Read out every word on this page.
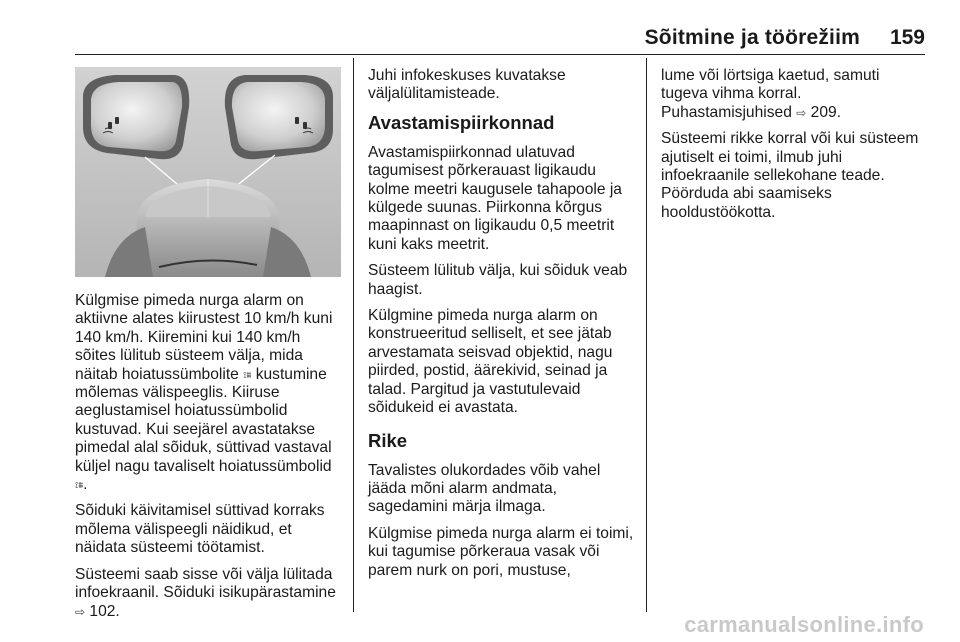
Sõitmine ja töörežiim 159

Külgmise pimeda nurga alarm on aktiivne alates kiirustest 10 km/h kuni 140 km/h. Kiiremini kui 140 km/h sõites lülitub süsteem välja, mida näitab hoiatussümbolite ⟟⩩ kustumine mõlemas välispeeglis. Kiiruse aeglustamisel hoiatussümbolid kustuvad. Kui seejärel avastatakse pimedal alal sõiduk, süttivad vastaval küljel nagu tavaliselt hoiatussümbolid
⟟⩩.

Sõiduki käivitamisel süttivad korraks mõlema välispeegli näidikud, et näidata süsteemi töötamist.

Süsteemi saab sisse või välja lülitada infoekraanil. Sõiduki isikupärastamine ⇨ 102.

Juhi infokeskuses kuvatakse väljalülitamisteade.

Avastamispiirkonnad

Avastamispiirkonnad ulatuvad tagumisest põrkerauast ligikaudu kolme meetri kaugusele tahapoole ja külgede suunas. Piirkonna kõrgus maapinnast on ligikaudu 0,5 meetrit kuni kaks meetrit.

Süsteem lülitub välja, kui sõiduk veab haagist.

Külgmine pimeda nurga alarm on konstrueeritud selliselt, et see jätab arvestamata seisvad objektid, nagu piirded, postid, äärekivid, seinad ja talad. Pargitud ja vastutulevaid sõidukeid ei avastata.

Rike

Tavalistes olukordades võib vahel jääda mõni alarm andmata, sagedamini märja ilmaga.

Külgmise pimeda nurga alarm ei toimi, kui tagumise põrkeraua vasak või parem nurk on pori, mustuse,

lume või lörtsiga kaetud, samuti tugeva vihma korral.

Puhastamisjuhised ⇨ 209.

Süsteemi rikke korral või kui süsteem ajutiselt ei toimi, ilmub juhi infoekraanile sellekohane teade. Pöörduda abi saamiseks hooldustöökotta.

carmanualsonline.info
